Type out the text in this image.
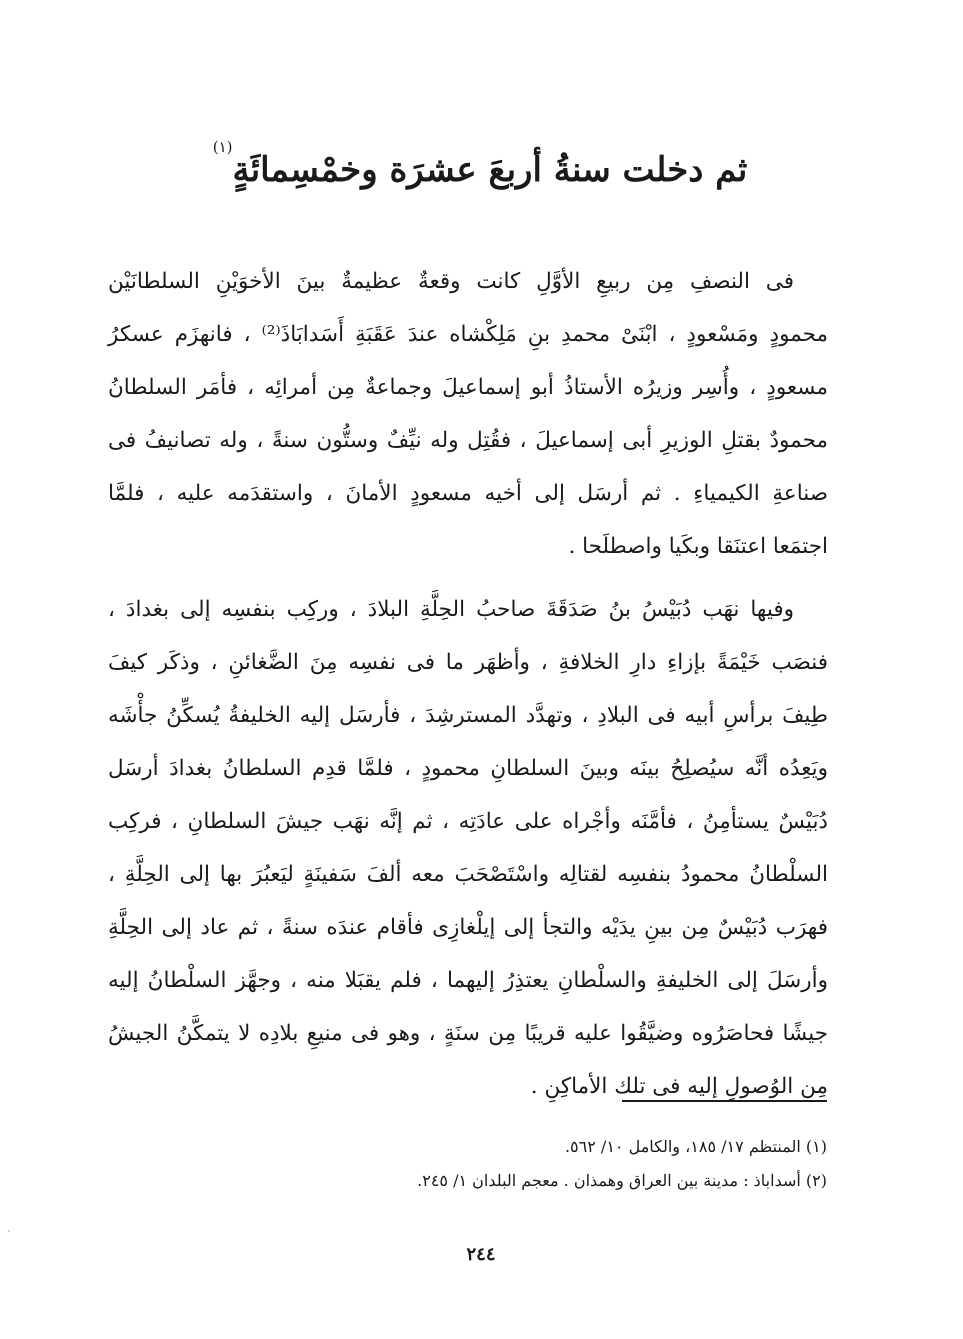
ثم دخلت سنةُ أربعَ عشرَة وخمْسِمائَةٍ$^{(١)}$
فى النصفِ مِن ربيعِ الأوَّلِ كانت وقعةٌ عظيمةٌ بينَ الأخوَيْنِ السلطانَيْن
محمودٍ ومَسْعودٍ ، ابْنَىْ محمدِ بنِ مَلِكْشاه عندَ عَقَبَةِ أَسَدابَاذَ⁽²⁾ ، فانهزَم عسكرُ
مسعودٍ ، وأُسِر وزيرُه الأستاذُ أبو إسماعيلَ وجماعةٌ مِن أمرائِه ، فأمَر السلطانُ
محمودٌ بقتلِ الوزيرِ أبى إسماعيلَ ، فقُتِل وله نيِّفٌ وستُّون سنةً ، وله تصانيفُ فى
صناعةِ الكيمياءِ . ثم أرسَل إلى أخيه مسعودٍ الأمانَ ، واستقدَمه عليه ، فلمَّا
اجتمَعا اعتنَقا وبكَيا واصطلَحا .
وفيها نهَب دُبَيْسُ بنُ صَدَقَةَ صاحبُ الحِلَّةِ البلادَ ، وركِب بنفسِه إلى بغدادَ ،
فنصَب خَيْمَةً بإزاءِ دارِ الخلافةِ ، وأظهَر ما فى نفسِه مِنَ الضَّغائنِ ، وذكَر كيفَ
طِيفَ برأسِ أبيه فى البلادِ ، وتهدَّد المسترشِدَ ، فأرسَل إليه الخليفةُ يُسكِّنُ جأْشَه
ويَعِدُه أنَّه سيُصلِحُ بينَه وبينَ السلطانِ محمودٍ ، فلمَّا قدِم السلطانُ بغدادَ أرسَل
دُبَيْسٌ يستأمِنُ ، فأمَّنَه وأجْراه على عادَتِه ، ثم إنَّه نهَب جيشَ السلطانِ ، فركِب
السلْطانُ محمودُ بنفسِه لقتالِه واسْتَصْحَبَ معه ألفَ سَفينَةٍ ليَعبُرَ بها إلى الحِلَّةِ ،
فهرَب دُبَيْسٌ مِن بينِ يدَيْه والتجأ إلى إيلْغازِى فأقام عندَه سنةً ، ثم عاد إلى الحِلَّةِ
وأرسَلَ إلى الخليفةِ والسلْطانِ يعتذِرُ إليهما ، فلم يقبَلا منه ، وجهَّز السلْطانُ إليه
جيشًا فحاصَرُوه وضيَّقُوا عليه قريبًا مِن سنَةٍ ، وهو فى منيعِ بلادِه لا يتمكَّنُ الجيشُ
مِن الوُصولِ إليه فى تلك الأماكِنِ .
(١) المنتظم ١٧/ ١٨٥، والكامل ١٠/ ٥٦٢.
(٢) أسداباذ : مدينة بين العراق وهمذان . معجم البلدان ١/ ٢٤٥.
٢٤٤
